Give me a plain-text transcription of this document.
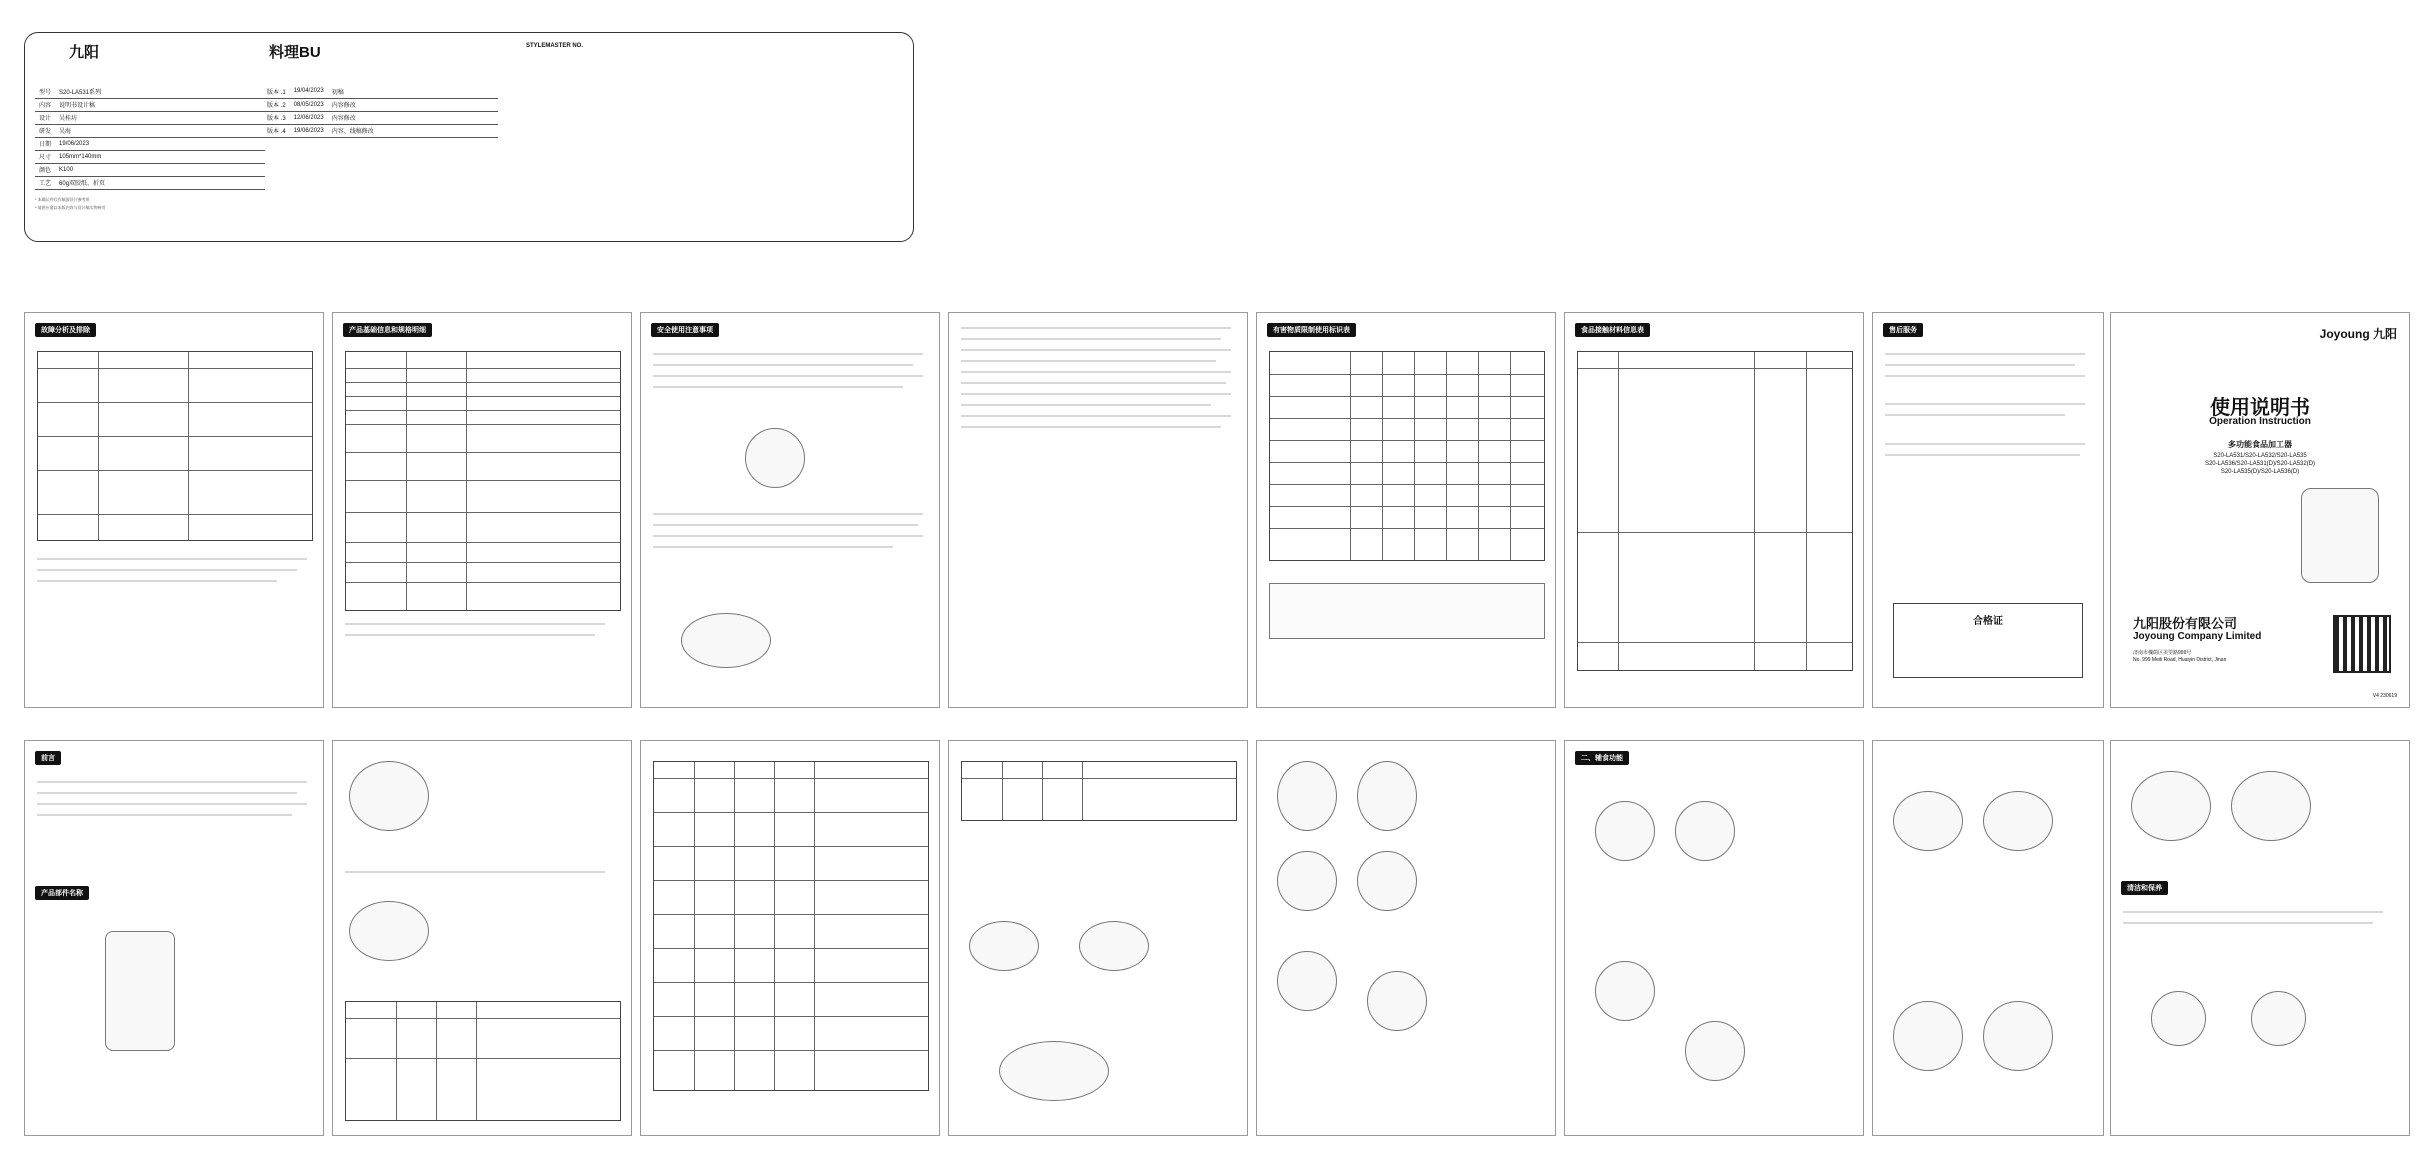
九阳	料理BU	STYLEMASTER NO.
型号	S20-LA531系列
内容	说明书设计稿
设计	吴桂坊
研发	吴海
日期	19/06/2023
尺寸	105mm*140mm
颜色	K100
工艺	60g双胶纸、折页
* 本确认件仅作稿面设计参考用
* 请供应商以本版内容与设计稿实物核对
版本 .1	19/04/2023	初稿
版本 .2	08/05/2023	内容修改
版本 .3	12/06/2023	内容修改
版本 .4	19/06/2023	内容、线稿修改
故障分析及排除	产品基础信息和规格明细	安全使用注意事项	有害物质限制使用标识表	食品接触材料信息表	售后服务
合格证
Joyoung 九阳
使用说明书
Operation Instruction
多功能食品加工器
S20-LA531/S20-LA532/S20-LA535
S20-LA536/S20-LA531(D)/S20-LA532(D)
S20-LA535(D)/S20-LA536(D)
九阳股份有限公司
Joyoung Company Limited
济南市槐荫区美里路999号
No. 999 Meili Road, Huaiyin District, Jinan
V4 230619
前言
产品部件名称
二、辅食功能
清洁和保养
